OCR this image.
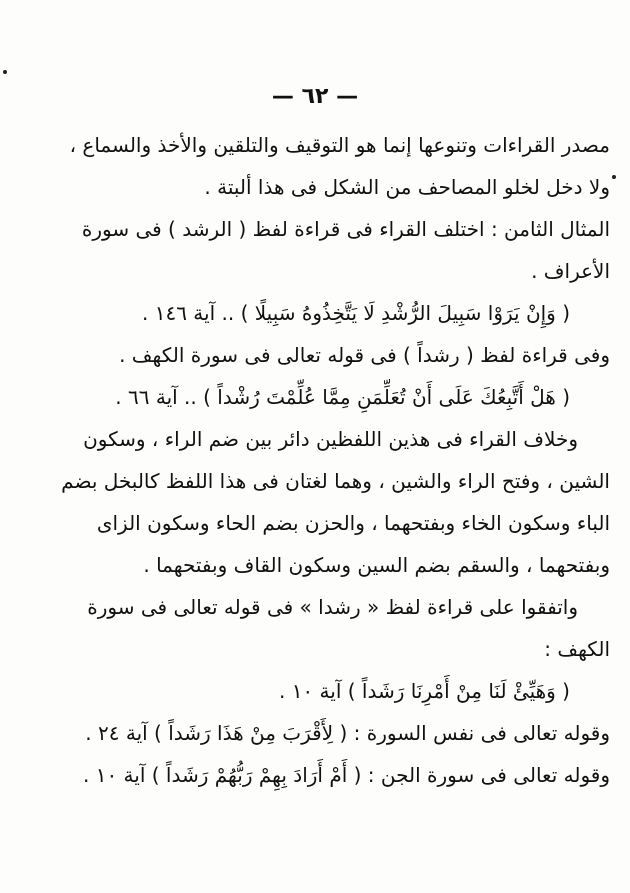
— ٦٢ —
مصدر القراءات وتنوعها إنما هو التوقيف والتلقين والأخذ والسماع ،
ولا دخل لخلو المصاحف من الشكل فى هذا ألبتة .
المثال الثامن : اختلف القراء فى قراءة لفظ ( الرشد ) فى سورة
الأعراف .
( وَإِنْ يَرَوْا سَبِيلَ الرُّشْدِ لَا يَتَّخِذُوهُ سَبِيلًا ) .. آية ١٤٦ .
وفى قراءة لفظ ( رشداً ) فى قوله تعالى فى سورة الكهف .
( هَلْ أَتَّبِعُكَ عَلَى أَنْ تُعَلِّمَنِ مِمَّا عُلِّمْتَ رُشْداً ) .. آية ٦٦ .
وخلاف القراء فى هذين اللفظين دائر بين ضم الراء ، وسكون
الشين ، وفتح الراء والشين ، وهما لغتان فى هذا اللفظ كالبخل بضم
الباء وسكون الخاء وبفتحهما ، والحزن بضم الحاء وسكون الزاى
وبفتحهما ، والسقم بضم السين وسكون القاف وبفتحهما .
واتفقوا على قراءة لفظ « رشدا » فى قوله تعالى فى سورة
الكهف :
( وَهَيِّئْ لَنَا مِنْ أَمْرِنَا رَشَداً ) آية ١٠ .
وقوله تعالى فى نفس السورة : ( لِأَقْرَبَ مِنْ هَذَا رَشَداً ) آية ٢٤ .
وقوله تعالى فى سورة الجن : ( أَمْ أَرَادَ بِهِمْ رَبُّهُمْ رَشَداً ) آية ١٠ .
